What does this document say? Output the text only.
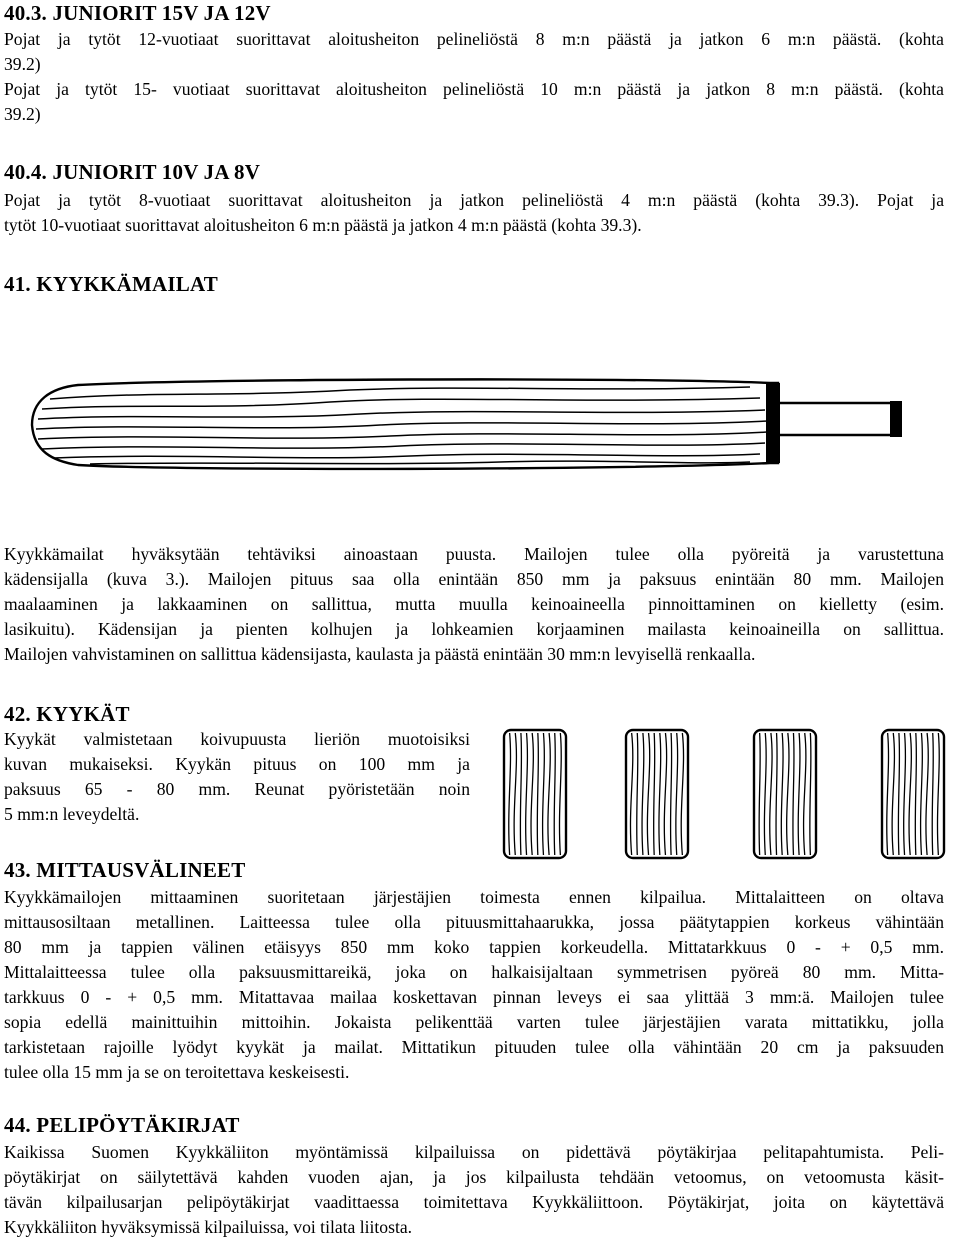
40.3. JUNIORIT 15V JA 12V
Pojat ja tytöt 12-vuotiaat suorittavat aloitusheiton pelineliöstä 8 m:n päästä ja jatkon 6 m:n päästä. (kohta
39.2)
Pojat ja tytöt 15- vuotiaat suorittavat aloitusheiton pelineliöstä 10 m:n päästä ja jatkon 8 m:n päästä. (kohta
39.2)
40.4. JUNIORIT 10V JA 8V
Pojat ja tytöt 8-vuotiaat suorittavat aloitusheiton ja jatkon pelineliöstä 4 m:n päästä (kohta 39.3). Pojat ja
tytöt 10-vuotiaat suorittavat aloitusheiton 6 m:n päästä ja jatkon 4 m:n päästä (kohta 39.3).
41. KYYKKÄMAILAT
Kyykkämailat hyväksytään tehtäviksi ainoastaan puusta. Mailojen tulee olla pyöreitä ja varustettuna
kädensijalla (kuva 3.). Mailojen pituus saa olla enintään 850 mm ja paksuus enintään 80 mm. Mailojen
maalaaminen ja lakkaaminen on sallittua, mutta muulla keinoaineella pinnoittaminen on kielletty (esim.
lasikuitu). Kädensijan ja pienten kolhujen ja lohkeamien korjaaminen mailasta keinoaineilla on sallittua.
Mailojen vahvistaminen on sallittua kädensijasta, kaulasta ja päästä enintään 30 mm:n levyisellä renkaalla.
42. KYYKÄT
Kyykät valmistetaan koivupuusta lieriön muotoisiksi
kuvan mukaiseksi. Kyykän pituus on 100 mm ja
paksuus 65 - 80 mm. Reunat pyöristetään noin
5 mm:n leveydeltä.
43. MITTAUSVÄLINEET
Kyykkämailojen mittaaminen suoritetaan järjestäjien toimesta ennen kilpailua. Mittalaitteen on oltava
mittausosiltaan metallinen. Laitteessa tulee olla pituusmittahaarukka, jossa päätytappien korkeus vähintään
80 mm ja tappien välinen etäisyys 850 mm koko tappien korkeudella. Mittatarkkuus 0 - + 0,5 mm.
Mittalaitteessa tulee olla paksuusmittareikä, joka on halkaisijaltaan symmetrisen pyöreä 80 mm. Mitta-
tarkkuus 0 - + 0,5 mm. Mitattavaa mailaa koskettavan pinnan leveys ei saa ylittää 3 mm:ä. Mailojen tulee
sopia edellä mainittuihin mittoihin. Jokaista pelikenttää varten tulee järjestäjien varata mittatikku, jolla
tarkistetaan rajoille lyödyt kyykät ja mailat. Mittatikun pituuden tulee olla vähintään 20 cm ja paksuuden
tulee olla 15 mm ja se on teroitettava keskeisesti.
44. PELIPÖYTÄKIRJAT
Kaikissa Suomen Kyykkäliiton myöntämissä kilpailuissa on pidettävä pöytäkirjaa pelitapahtumista. Peli-
pöytäkirjat on säilytettävä kahden vuoden ajan, ja jos kilpailusta tehdään vetoomus, on vetoomusta käsit-
tävän kilpailusarjan pelipöytäkirjat vaadittaessa toimitettava Kyykkäliittoon. Pöytäkirjat, joita on käytettävä
Kyykkäliiton hyväksymissä kilpailuissa, voi tilata liitosta.
